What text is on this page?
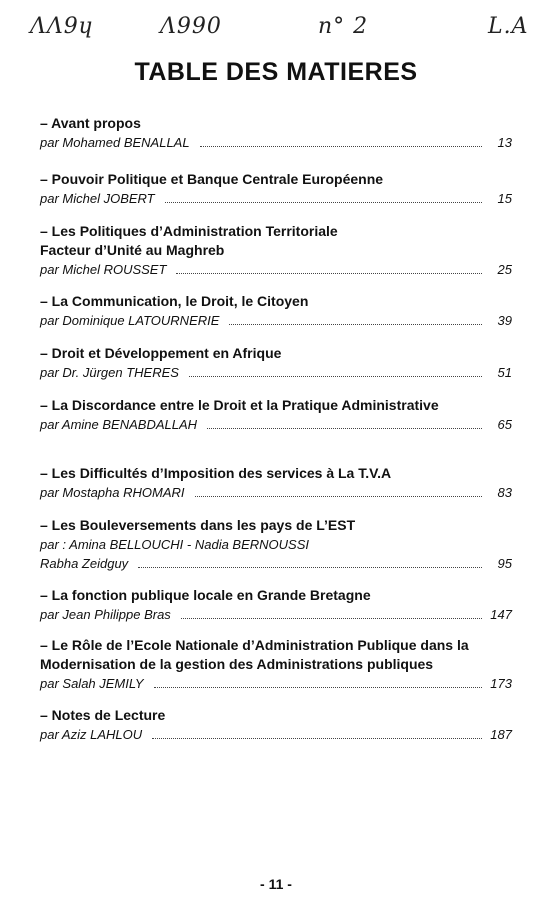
ΛΛ9ɥ	Λ990	n° 2	L.A
TABLE DES MATIERES
– Avant propos
par Mohamed BENALLAL	13
– Pouvoir Politique et Banque Centrale Européenne
par Michel JOBERT	15
– Les Politiques d’Administration Territoriale
Facteur d’Unité au Maghreb
par Michel ROUSSET	25
– La Communication, le Droit, le Citoyen
par Dominique LATOURNERIE	39
– Droit et Développement en Afrique
par Dr. Jürgen THERES	51
– La Discordance entre le Droit et la Pratique Administrative
par Amine BENABDALLAH	65
– Les Difficultés d’Imposition des services à La T.V.A
par Mostapha RHOMARI	83
– Les Bouleversements dans les pays de L’EST
par : Amina BELLOUCHI - Nadia BERNOUSSI
Rabha Zeidguy	95
– La fonction publique locale en Grande Bretagne
par Jean Philippe Bras	147
– Le Rôle de l’Ecole Nationale d’Administration Publique dans la
Modernisation de la gestion des Administrations publiques
par Salah JEMILY	173
– Notes de Lecture
par Aziz LAHLOU	187
- 11 -
